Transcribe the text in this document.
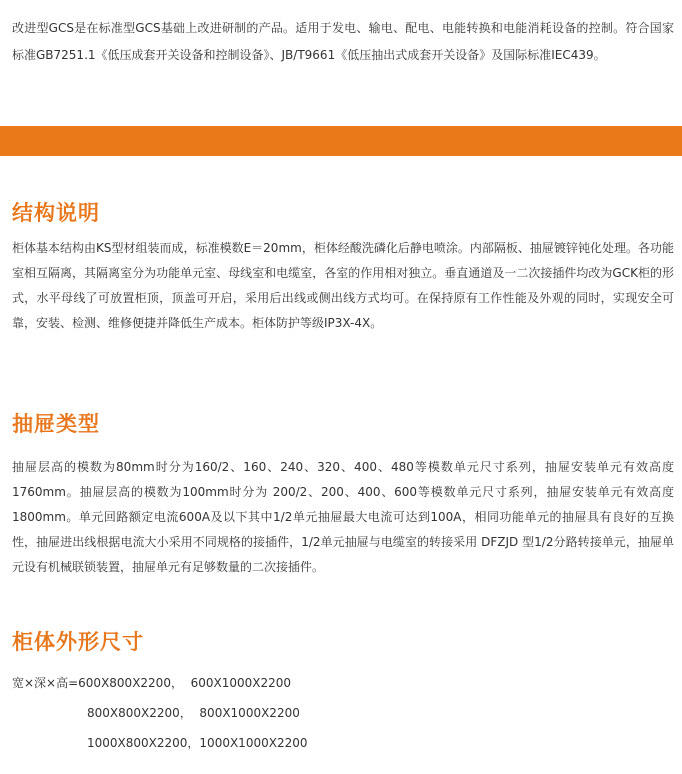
改进型GCS是在标准型GCS基础上改进研制的产品。适用于发电、输电、配电、电能转换和电能消耗设备的控制。符合国家标准GB7251.1《低压成套开关设备和控制设备》、JB/T9661《低压抽出式成套开关设备》及国际标准IEC439。

结构说明

柜体基本结构由KS型材组装而成，标准模数E＝20mm，柜体经酸洗磷化后静电喷涂。内部隔板、抽屉镀锌钝化处理。各功能室相互隔离，其隔离室分为功能单元室、母线室和电缆室，各室的作用相对独立。垂直通道及一二次接插件均改为GCK柜的形式，水平母线了可放置柜顶，顶盖可开启，采用后出线或侧出线方式均可。在保持原有工作性能及外观的同时，实现安全可靠，安装、检测、维修便捷并降低生产成本。柜体防护等级IP3X-4X。

抽屉类型

抽屉层高的模数为80mm时分为160/2、160、240、320、400、480等模数单元尺寸系列，抽屉安装单元有效高度1760mm。抽屉层高的模数为100mm时分为 200/2、200、400、600等模数单元尺寸系列，抽屉安装单元有效高度1800mm。单元回路额定电流600A及以下其中1/2单元抽屉最大电流可达到100A，相同功能单元的抽屉具有良好的互换性，抽屉进出线根据电流大小采用不同规格的接插件，1/2单元抽屉与电缆室的转接采用 DFZJD 型1/2分路转接单元，抽屉单元设有机械联锁装置，抽屉单元有足够数量的二次接插件。

柜体外形尺寸
宽×深×高=600X800X2200，  600X1000X2200
800X800X2200，  800X1000X2200
1000X800X2200，1000X1000X2200
